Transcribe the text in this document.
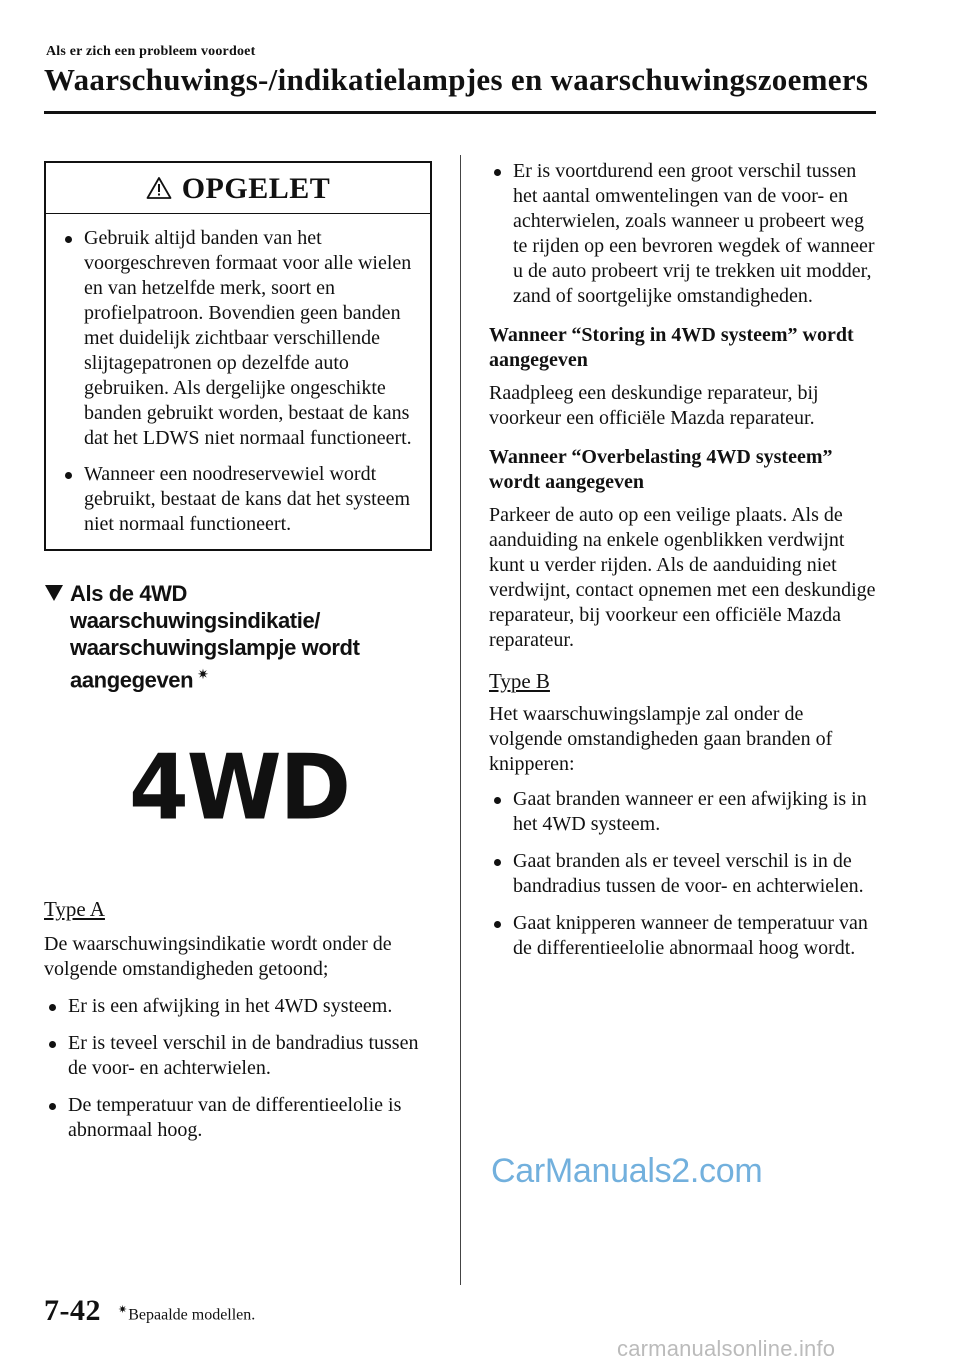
Als er zich een probleem voordoet
Waarschuwings-/indikatielampjes en waarschuwingszoemers
OPGELET
Gebruik altijd banden van het voorgeschreven formaat voor alle wielen en van hetzelfde merk, soort en profielpatroon. Bovendien geen banden met duidelijk zichtbaar verschillende slijtagepatronen op dezelfde auto gebruiken. Als dergelijke ongeschikte banden gebruikt worden, bestaat de kans dat het LDWS niet normaal functioneert.
Wanneer een noodreservewiel wordt gebruikt, bestaat de kans dat het systeem niet normaal functioneert.
Als de 4WD waarschuwingsindikatie/ waarschuwingslampje wordt aangegeven ✷
4WD
Type A
De waarschuwingsindikatie wordt onder de volgende omstandigheden getoond;
Er is een afwijking in het 4WD systeem.
Er is teveel verschil in de bandradius tussen de voor- en achterwielen.
De temperatuur van de differentieelolie is abnormaal hoog.
Er is voortdurend een groot verschil tussen het aantal omwentelingen van de voor- en achterwielen, zoals wanneer u probeert weg te rijden op een bevroren wegdek of wanneer u de auto probeert vrij te trekken uit modder, zand of soortgelijke omstandigheden.
Wanneer “Storing in 4WD systeem” wordt aangegeven
Raadpleeg een deskundige reparateur, bij voorkeur een officiële Mazda reparateur.
Wanneer “Overbelasting 4WD systeem” wordt aangegeven
Parkeer de auto op een veilige plaats. Als de aanduiding na enkele ogenblikken verdwijnt kunt u verder rijden. Als de aanduiding niet verdwijnt, contact opnemen met een deskundige reparateur, bij voorkeur een officiële Mazda reparateur.
Type B
Het waarschuwingslampje zal onder de volgende omstandigheden gaan branden of knipperen:
Gaat branden wanneer er een afwijking is in het 4WD systeem.
Gaat branden als er teveel verschil is in de bandradius tussen de voor- en achterwielen.
Gaat knipperen wanneer de temperatuur van de differentieelolie abnormaal hoog wordt.
CarManuals2.com
7-42 ✷Bepaalde modellen.
carmanualsonline.info
